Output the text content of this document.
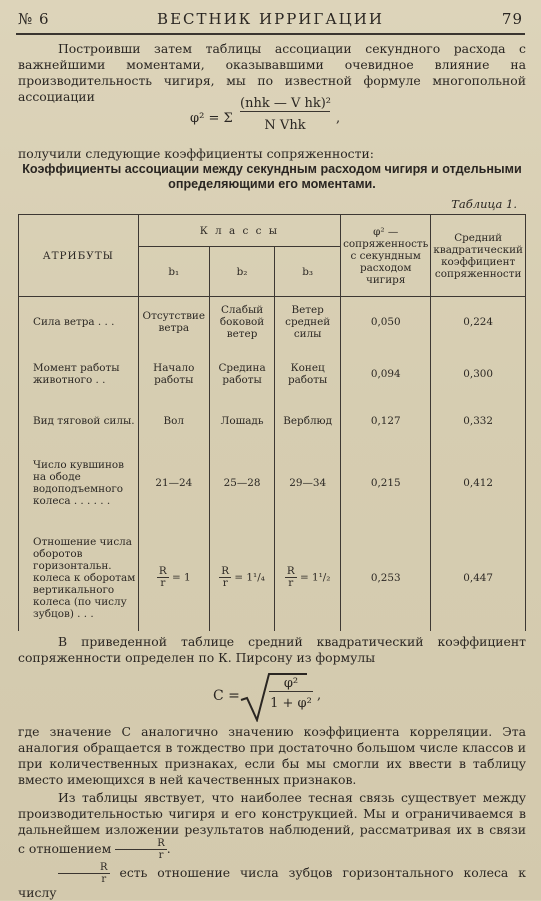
№ 6	ВЕСТНИК ИРРИГАЦИИ	79
Построивши затем таблицы ассоциации секундного расхода с важнейшими моментами, оказывавшими очевидное влияние на производительность чигиря, мы по известной формуле многопольной ассоциации
φ² = Σ
(nhk — V hk)²
N Vhk	,
получили следующие коэффициенты сопряженности:
Коэффициенты ассоциации между секундным расходом чигиря и отдельными определяющими его моментами.
Таблица 1.
АТРИБУТЫ	К л а с с ы			φ² — сопряженность с секундным расходом чигиря	Средний квадратический коэффициент сопряженности
	b₁	b₂	b₃		
Сила ветра . . .	Отсутствие ветра	Слабый боковой ветер	Ветер средней силы	0,050	0,224
Момент работы животного . .	Начало работы	Средина работы	Конец работы	0,094	0,300
Вид тяговой силы.	Вол	Лошадь	Верблюд	0,127	0,332
Число кувшинов на ободе водоподъемного колеса . . . . . .	21—24	25—28	29—34	0,215	0,412
Отношение числа оборотов горизонтальн. колеса к оборотам вертикального колеса (по числу зубцов) . . .	$\frac{R}{r} = 1$	$\frac{R}{r} = 1^1/_4$	$\frac{R}{r} = 1^1/_2$	0,253	0,447
В приведенной таблице средний квадратический коэффициент сопряженности определен по К. Пирсону из формулы
C =
φ²
1 + φ²
,
где значение C аналогично значению коэффициента корреляции. Эта аналогия обращается в тождество при достаточно большом числе классов и при количественных признаках, если бы мы смогли их ввести в таблицу вместо имеющихся в ней качественных признаков.
Из таблицы явствует, что наиболее тесная связь существует между производительностью чигиря и его конструкцией. Мы и ограничиваемся в дальнейшем изложении результатов наблюдений, рассматривая их в связи с отношением $\frac{R}{r}$ .
$\frac{R}{r}$ есть отношение числа зубцов горизонтального колеса к числу
